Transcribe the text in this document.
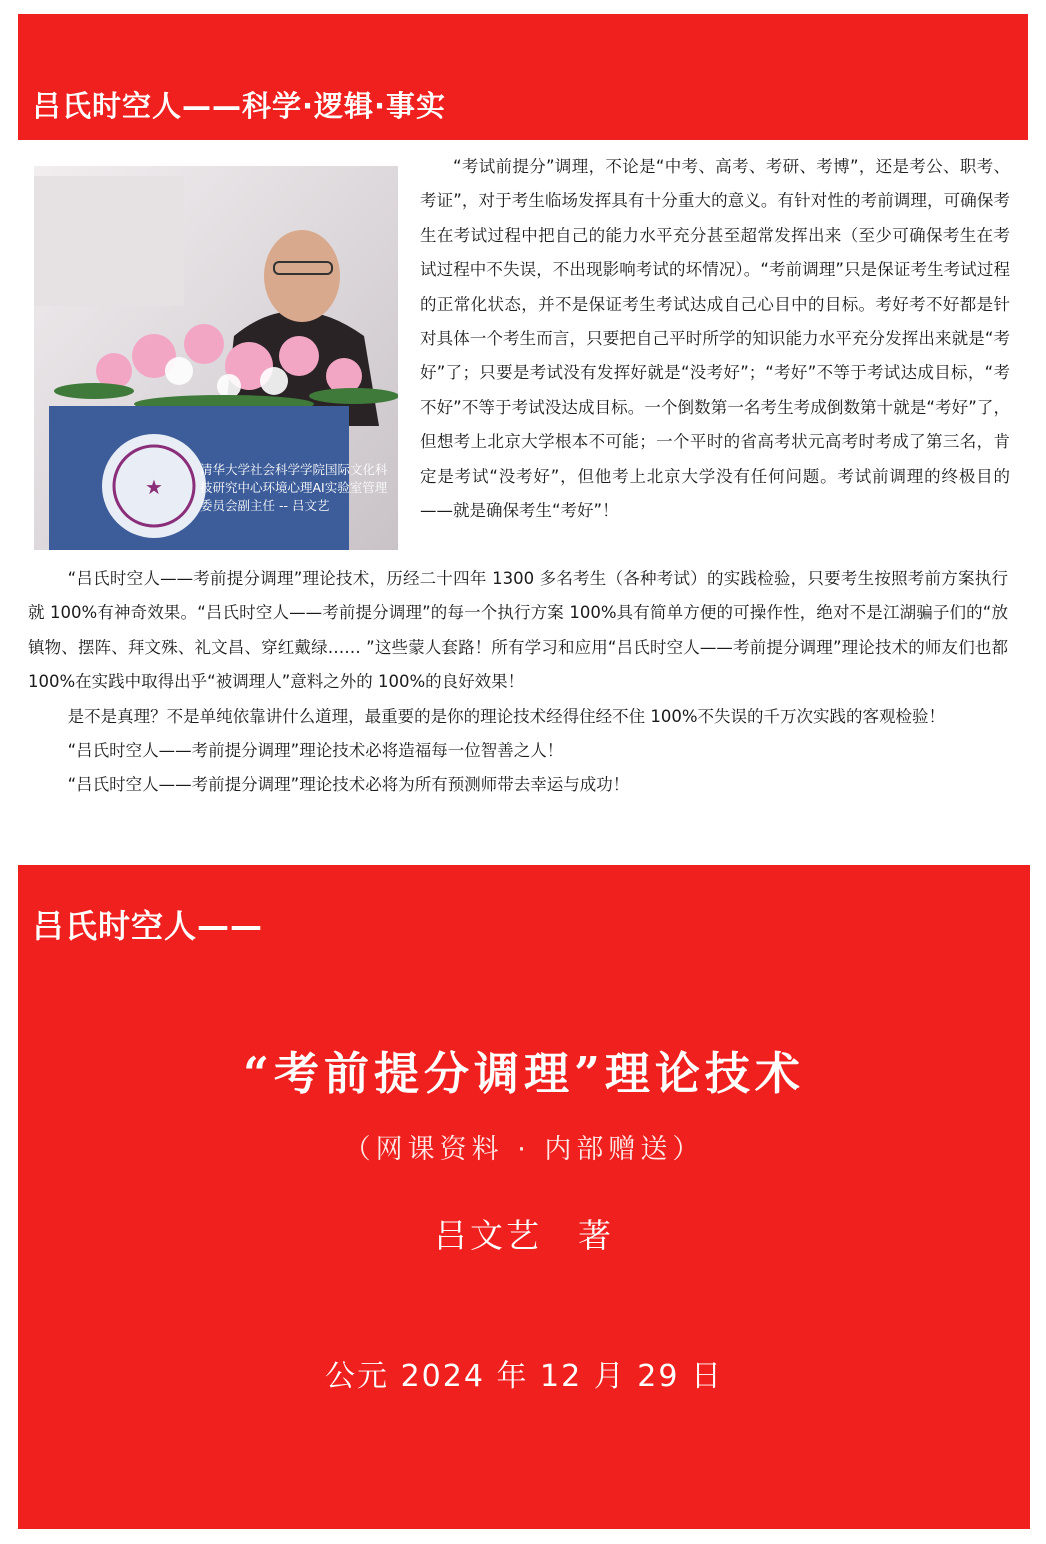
吕氏时空人——科学·逻辑·事实
★
清华大学社会科学学院国际文化科技研究中心环境心理AI实验室管理委员会副主任 -- 吕文艺

“考试前提分”调理，不论是“中考、高考、考研、考博”，还是考公、职考、考证”，对于考生临场发挥具有十分重大的意义。有针对性的考前调理，可确保考生在考试过程中把自己的能力水平充分甚至超常发挥出来（至少可确保考生在考试过程中不失误，不出现影响考试的坏情况）。“考前调理”只是保证考生考试过程的正常化状态，并不是保证考生考试达成自己心目中的目标。考好考不好都是针对具体一个考生而言，只要把自己平时所学的知识能力水平充分发挥出来就是“考好”了；只要是考试没有发挥好就是“没考好”；“考好”不等于考试达成目标，“考不好”不等于考试没达成目标。一个倒数第一名考生考成倒数第十就是“考好”了，但想考上北京大学根本不可能；一个平时的省高考状元高考时考成了第三名，肯定是考试“没考好”，但他考上北京大学没有任何问题。考试前调理的终极目的——就是确保考生“考好”！

“吕氏时空人——考前提分调理”理论技术，历经二十四年 1300 多名考生（各种考试）的实践检验，只要考生按照考前方案执行就 100%有神奇效果。“吕氏时空人——考前提分调理”的每一个执行方案 100%具有简单方便的可操作性，绝对不是江湖骗子们的“放镇物、摆阵、拜文殊、礼文昌、穿红戴绿…… ”这些蒙人套路！所有学习和应用“吕氏时空人——考前提分调理”理论技术的师友们也都 100%在实践中取得出乎“被调理人”意料之外的 100%的良好效果！

是不是真理？不是单纯依靠讲什么道理，最重要的是你的理论技术经得住经不住 100%不失误的千万次实践的客观检验！

“吕氏时空人——考前提分调理”理论技术必将造福每一位智善之人！

“吕氏时空人——考前提分调理”理论技术必将为所有预测师带去幸运与成功！

吕氏时空人——
“考前提分调理”理论技术
（网课资料 · 内部赠送）
吕文艺　著
公元 2024 年 12 月 29 日
